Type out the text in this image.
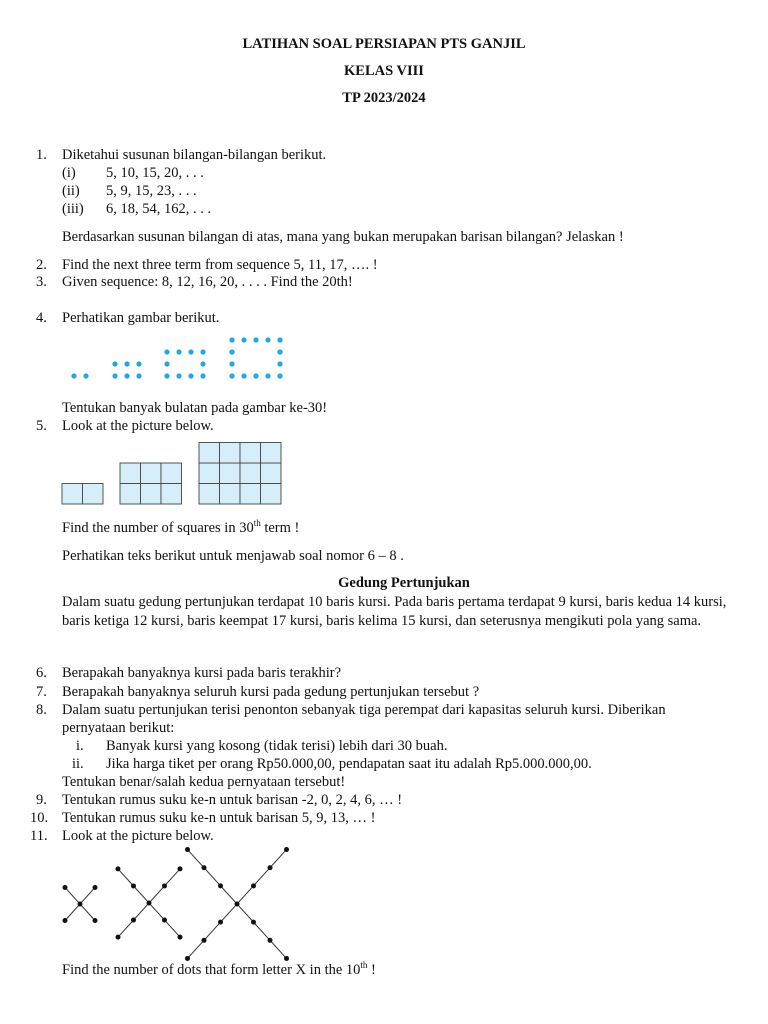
LATIHAN SOAL PERSIAPAN PTS GANJIL
KELAS VIII
TP 2023/2024
1. Diketahui susunan bilangan-bilangan berikut.
(i) 5, 10, 15, 20, . . .
(ii) 5, 9, 15, 23, . . .
(iii) 6, 18, 54, 162, . . .
Berdasarkan susunan bilangan di atas, mana yang bukan merupakan barisan bilangan? Jelaskan !
2. Find the next three term from sequence 5, 11, 17, …. !
3. Given sequence: 8, 12, 16, 20, . . . . Find the 20th!
4. Perhatikan gambar berikut.
Tentukan banyak bulatan pada gambar ke-30!
5. Look at the picture below.
Find the number of squares in 30th term !
Perhatikan teks berikut untuk menjawab soal nomor 6 – 8 .
Gedung Pertunjukan
Dalam suatu gedung pertunjukan terdapat 10 baris kursi. Pada baris pertama terdapat 9 kursi, baris kedua 14 kursi, baris ketiga 12 kursi, baris keempat 17 kursi, baris kelima 15 kursi, dan seterusnya mengikuti pola yang sama.
6. Berapakah banyaknya kursi pada baris terakhir?
7. Berapakah banyaknya seluruh kursi pada gedung pertunjukan tersebut ?
8. Dalam suatu pertunjukan terisi penonton sebanyak tiga perempat dari kapasitas seluruh kursi. Diberikan
pernyataan berikut:
i. Banyak kursi yang kosong (tidak terisi) lebih dari 30 buah.
ii. Jika harga tiket per orang Rp50.000,00, pendapatan saat itu adalah Rp5.000.000,00.
Tentukan benar/salah kedua pernyataan tersebut!
9. Tentukan rumus suku ke-n untuk barisan -2, 0, 2, 4, 6, … !
10. Tentukan rumus suku ke-n untuk barisan 5, 9, 13, … !
11. Look at the picture below.
Find the number of dots that form letter X in the 10th !
